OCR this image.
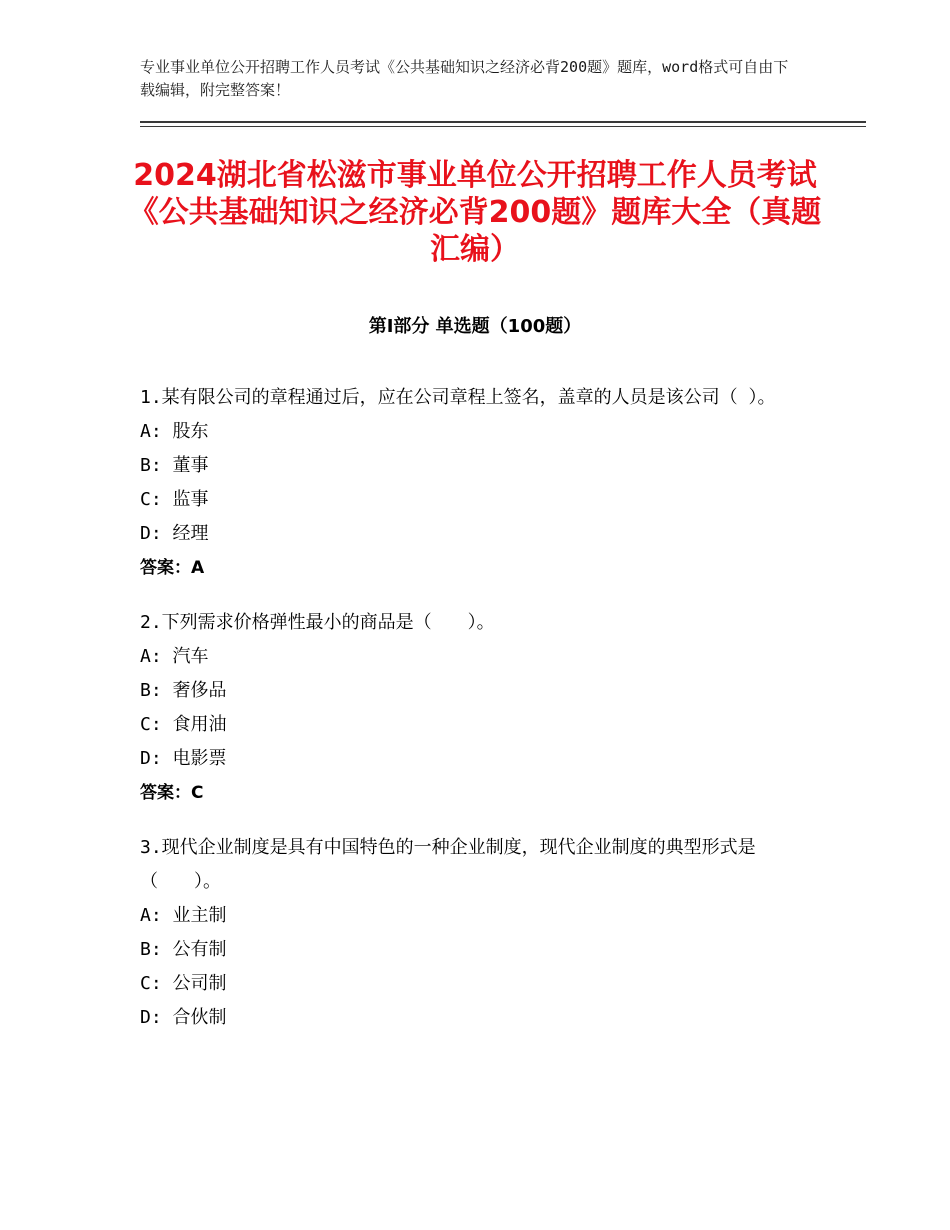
专业事业单位公开招聘工作人员考试《公共基础知识之经济必背200题》题库，word格式可自由下载编辑，附完整答案！
2024湖北省松滋市事业单位公开招聘工作人员考试《公共基础知识之经济必背200题》题库大全（真题汇编）
第Ⅰ部分 单选题（100题）
1.某有限公司的章程通过后，应在公司章程上签名，盖章的人员是该公司（ ）。
A: 股东
B: 董事
C: 监事
D: 经理
答案：A
2.下列需求价格弹性最小的商品是（　　）。
A: 汽车
B: 奢侈品
C: 食用油
D: 电影票
答案：C
3.现代企业制度是具有中国特色的一种企业制度，现代企业制度的典型形式是（　　）。
A: 业主制
B: 公有制
C: 公司制
D: 合伙制
